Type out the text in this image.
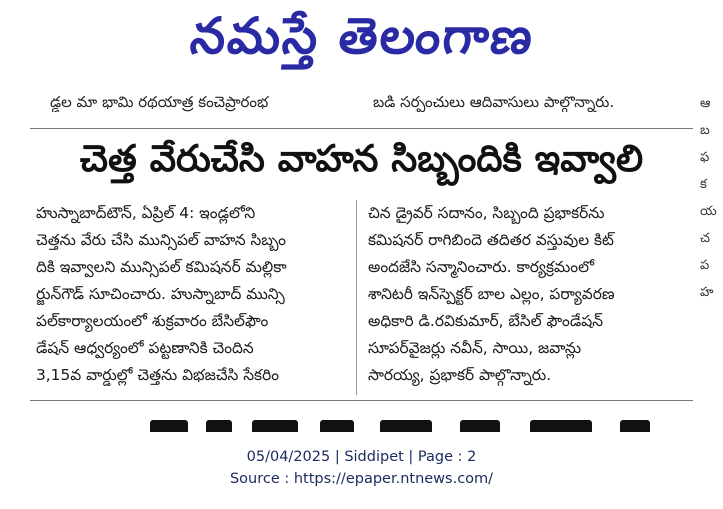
నమస్తే తెలంగాణ
డ్డల మా భామి రథయాత్ర కంచెప్రారంభ	బడి సర్పంచులు ఆదివాసులు పాల్గొన్నారు.
చెత్త వేరుచేసి వాహన సిబ్బందికి ఇవ్వాలి
హుస్నాబాద్‌టౌన్‌, ఏప్రిల్‌ 4: ఇండ్లలోని
చెత్తను వేరు చేసి మున్సిపల్‌ వాహన సిబ్బం
దికి ఇవ్వాలని మున్సిపల్‌ కమిషనర్‌ మల్లికా
ర్జున్‌గౌడ్‌ సూచించారు. హుస్నాబాద్‌ మున్సి
పల్‌కార్యాలయంలో శుక్రవారం బేసిల్‌ఫౌం
డేషన్‌ ఆధ్వర్యంలో పట్టణానికి చెందిన
3,15వ వార్డుల్లో చెత్తను విభజచేసి సేకరిం
చిన డ్రైవర్‌ సదానం, సిబ్బంది ప్రభాకర్‌ను
కమిషనర్‌ రాగిబిందె తదితర వస్తువుల కిట్‌
అందజేసి సన్మానించారు. కార్యక్రమంలో
శానిటరీ ఇన్‌స్పెక్టర్‌ బాల ఎల్లం, పర్యావరణ
అధికారి డి.రవికుమార్‌, బేసిల్‌ ఫౌండేషన్‌
సూపర్‌వైజర్లు నవీన్‌, సాయి, జవాన్లు
సారయ్య, ప్రభాకర్‌ పాల్గొన్నారు.
ఆ
బ
ఫ
క
య
చ
ప
హ
05/04/2025 | Siddipet | Page : 2
Source : https://epaper.ntnews.com/
